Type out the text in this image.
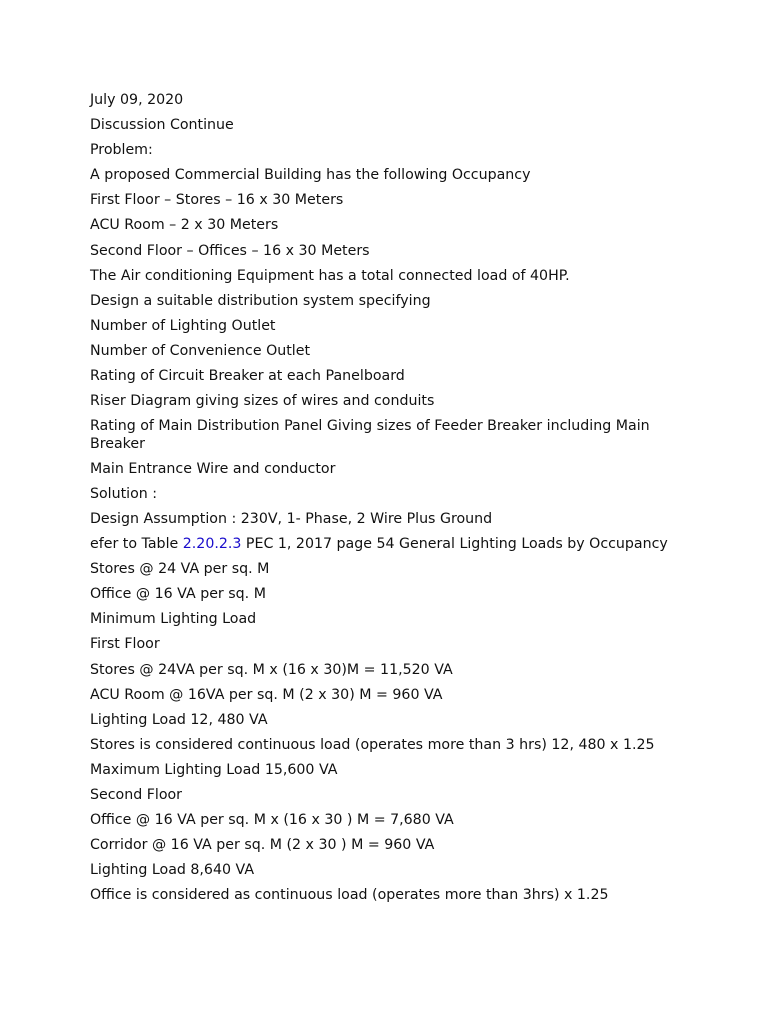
July 09, 2020
Discussion Continue
Problem:
A proposed Commercial Building has the following Occupancy
First Floor – Stores – 16 x 30 Meters
ACU Room – 2 x 30 Meters
Second Floor – Offices – 16 x 30 Meters
The Air conditioning Equipment has a total connected load of 40HP.
Design a suitable distribution system specifying
Number of Lighting Outlet
Number of Convenience Outlet
Rating of Circuit Breaker at each Panelboard
Riser Diagram giving sizes of wires and conduits
Rating of Main Distribution Panel Giving sizes of Feeder Breaker including Main Breaker
Main Entrance Wire and conductor
Solution :
Design Assumption : 230V, 1- Phase, 2 Wire Plus Ground
efer to Table 2.20.2.3 PEC 1, 2017 page 54 General Lighting Loads by Occupancy
Stores @ 24 VA per sq. M
Office @ 16 VA per sq. M
Minimum Lighting Load
First Floor
Stores @ 24VA per sq. M x (16 x 30)M = 11,520 VA
ACU Room @ 16VA per sq. M (2 x 30) M = 960 VA
Lighting Load 12, 480 VA
Stores is considered continuous load (operates more than 3 hrs) 12, 480 x 1.25
Maximum Lighting Load 15,600 VA
Second Floor
Office @ 16 VA per sq. M x (16 x 30 ) M = 7,680 VA
Corridor @ 16 VA per sq. M (2 x 30 ) M = 960 VA
Lighting Load 8,640 VA
Office is considered as continuous load (operates more than 3hrs) x 1.25
